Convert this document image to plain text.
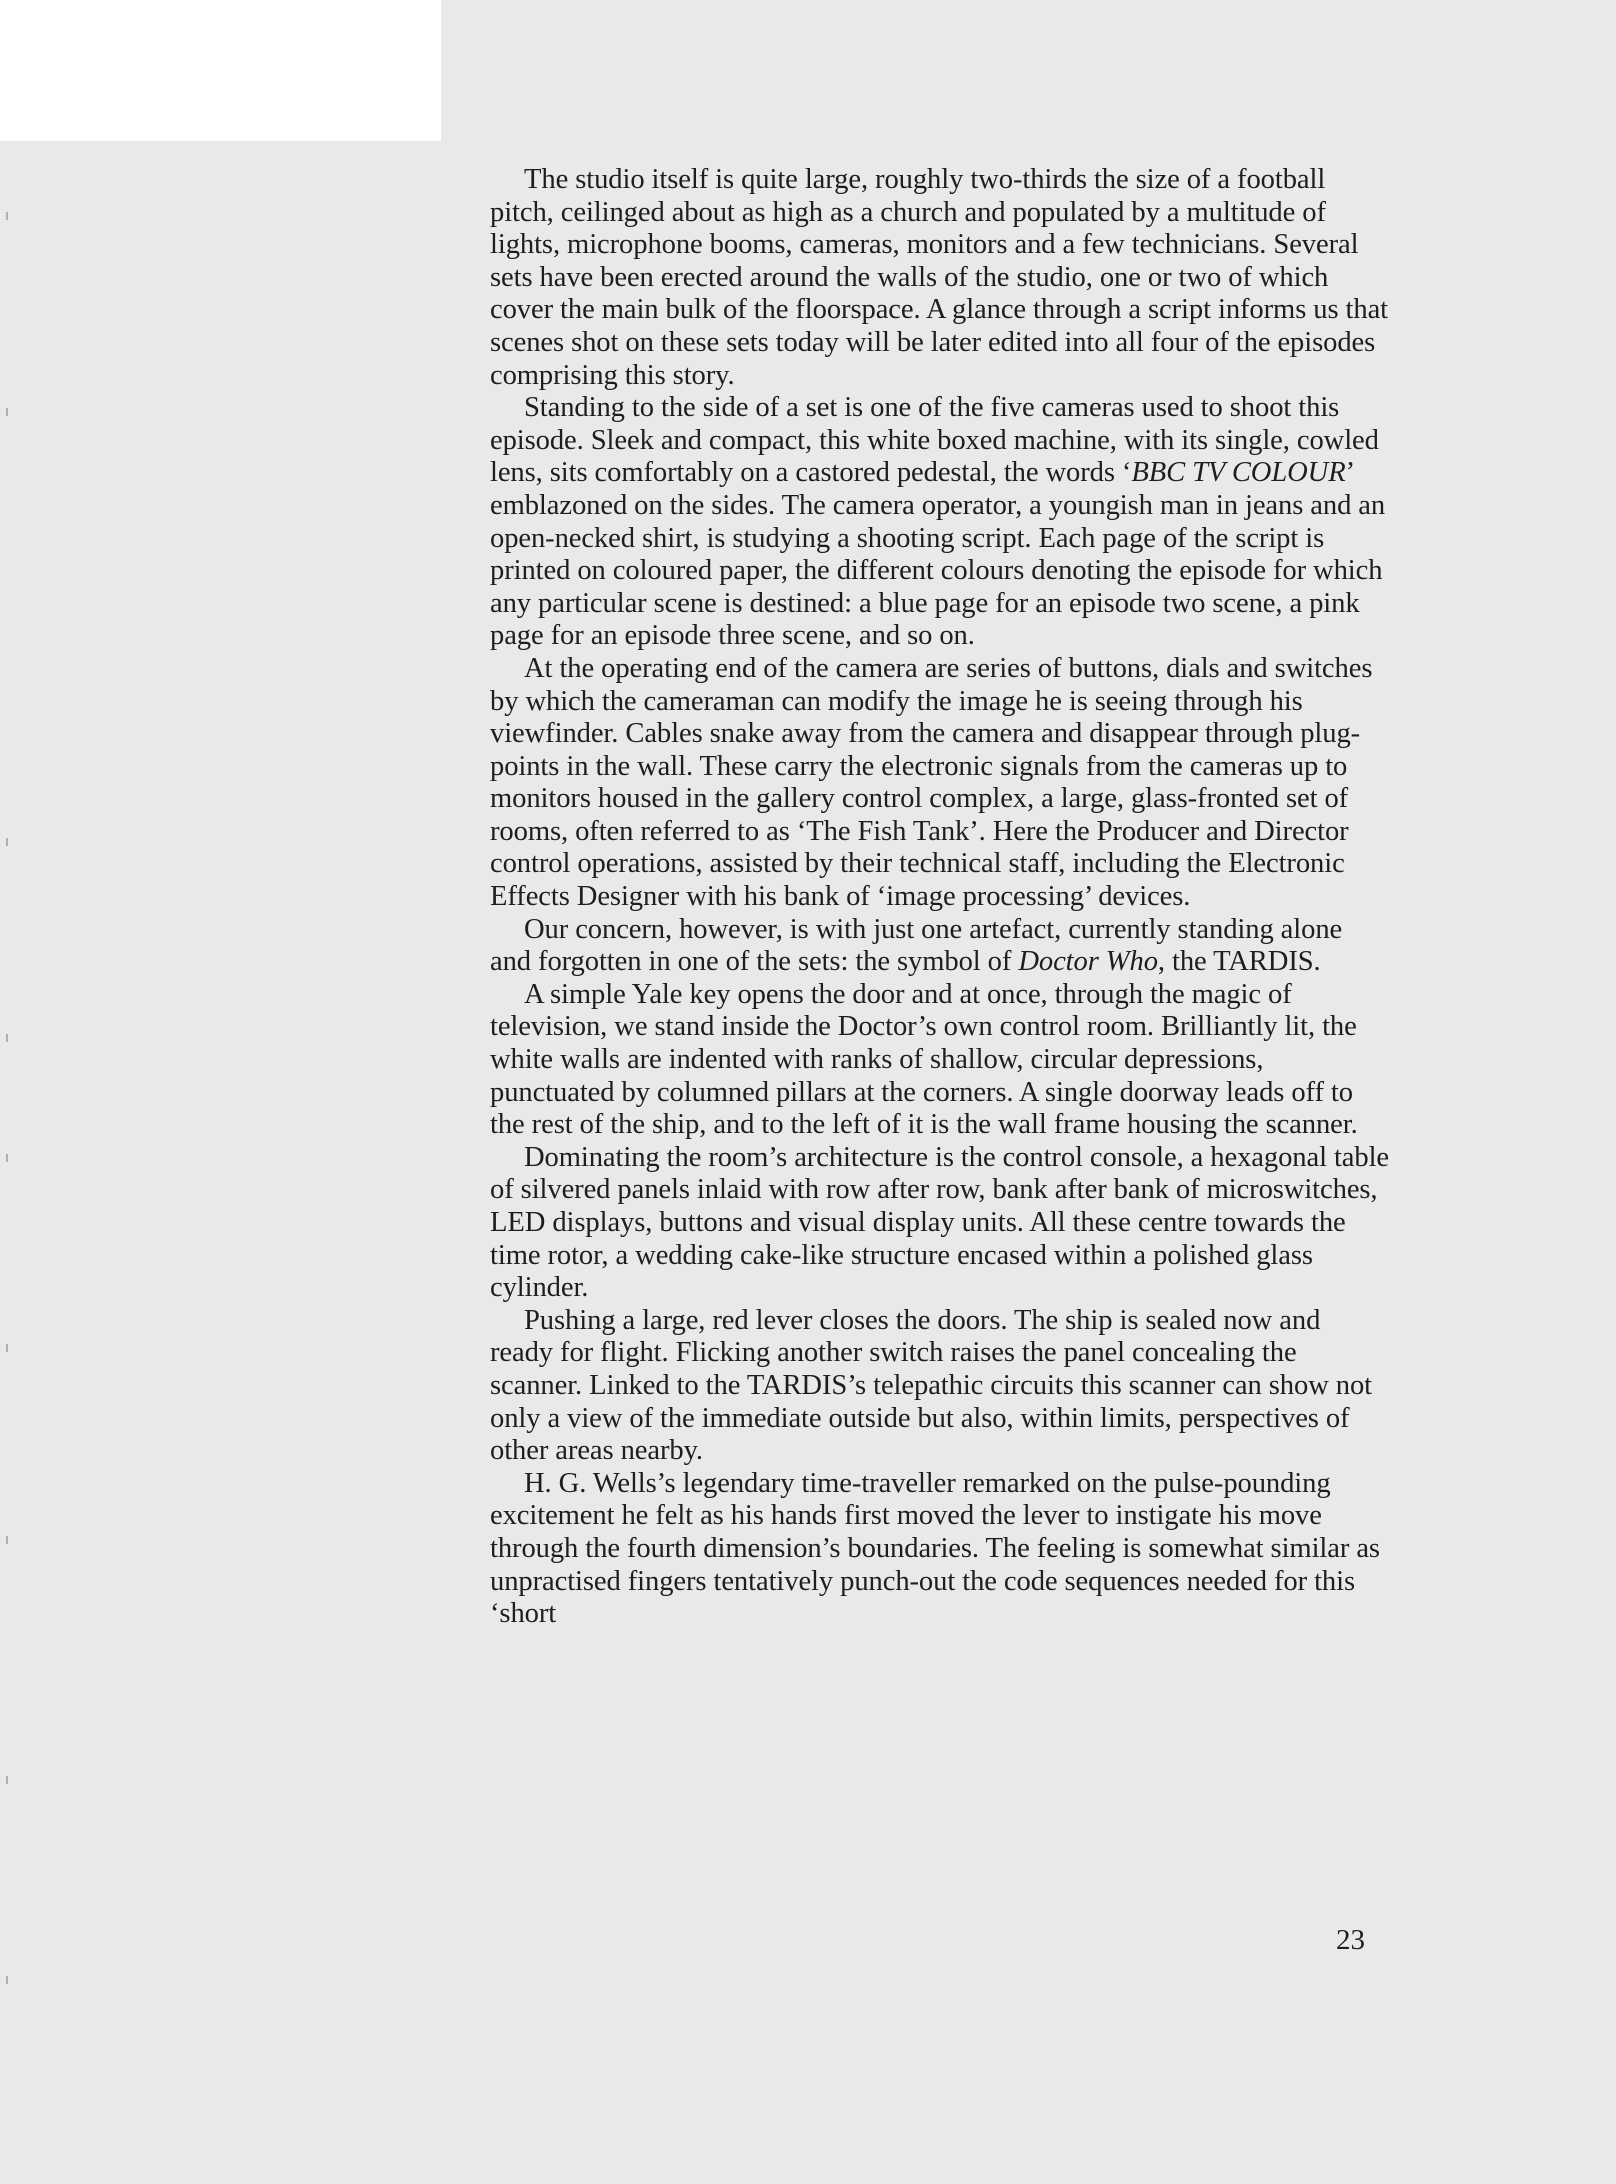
The studio itself is quite large, roughly two-thirds the size of a football pitch, ceilinged about as high as a church and populated by a multitude of lights, microphone booms, cameras, monitors and a few technicians. Several sets have been erected around the walls of the studio, one or two of which cover the main bulk of the floorspace. A glance through a script informs us that scenes shot on these sets today will be later edited into all four of the episodes comprising this story.

Standing to the side of a set is one of the five cameras used to shoot this episode. Sleek and compact, this white boxed machine, with its single, cowled lens, sits comfortably on a castored pedestal, the words ‘BBC TV COLOUR’ emblazoned on the sides. The camera operator, a youngish man in jeans and an open-necked shirt, is studying a shooting script. Each page of the script is printed on coloured paper, the different colours denoting the episode for which any particular scene is destined: a blue page for an episode two scene, a pink page for an episode three scene, and so on.

At the operating end of the camera are series of buttons, dials and switches by which the cameraman can modify the image he is seeing through his viewfinder. Cables snake away from the camera and disappear through plug-points in the wall. These carry the electronic signals from the cameras up to monitors housed in the gallery control complex, a large, glass-fronted set of rooms, often referred to as ‘The Fish Tank’. Here the Producer and Director control operations, assisted by their technical staff, including the Electronic Effects Designer with his bank of ‘image processing’ devices.

Our concern, however, is with just one artefact, currently standing alone and forgotten in one of the sets: the symbol of Doctor Who, the TARDIS.

A simple Yale key opens the door and at once, through the magic of television, we stand inside the Doctor’s own control room. Brilliantly lit, the white walls are indented with ranks of shallow, circular depressions, punctuated by columned pillars at the corners. A single doorway leads off to the rest of the ship, and to the left of it is the wall frame housing the scanner.

Dominating the room’s architecture is the control console, a hexagonal table of silvered panels inlaid with row after row, bank after bank of microswitches, LED displays, buttons and visual display units. All these centre towards the time rotor, a wedding cake-like structure encased within a polished glass cylinder.

Pushing a large, red lever closes the doors. The ship is sealed now and ready for flight. Flicking another switch raises the panel concealing the scanner. Linked to the TARDIS’s telepathic circuits this scanner can show not only a view of the immediate outside but also, within limits, perspectives of other areas nearby.

H. G. Wells’s legendary time-traveller remarked on the pulse-pounding excitement he felt as his hands first moved the lever to instigate his move through the fourth dimension’s boundaries. The feeling is somewhat similar as unpractised fingers tentatively punch-out the code sequences needed for this ‘short

23
